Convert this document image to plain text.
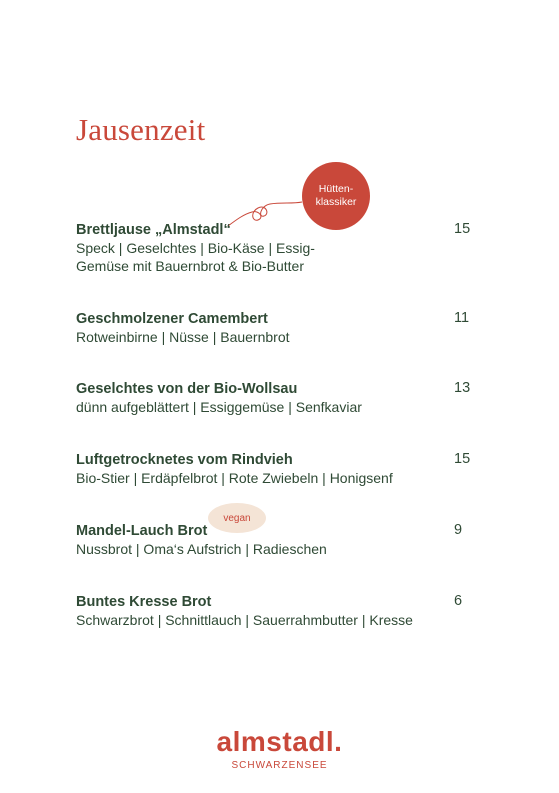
Jausenzeit
Hütten-
klassiker
Brettljause „Almstadl“
Speck | Geselchtes | Bio-Käse | Essig-
Gemüse mit Bauernbrot & Bio-Butter
15
Geschmolzener Camembert
Rotweinbirne | Nüsse | Bauernbrot
11
Geselchtes von der Bio-Wollsau
dünn aufgeblättert | Essiggemüse | Senfkaviar
13
Luftgetrocknetes vom Rindvieh
Bio-Stier | Erdäpfelbrot | Rote Zwiebeln | Honigsenf
15
vegan
Mandel-Lauch Brot
Nussbrot | Oma‘s Aufstrich | Radieschen
9
Buntes Kresse Brot
Schwarzbrot | Schnittlauch | Sauerrahmbutter | Kresse
6
almstadl.
SCHWARZENSEE
